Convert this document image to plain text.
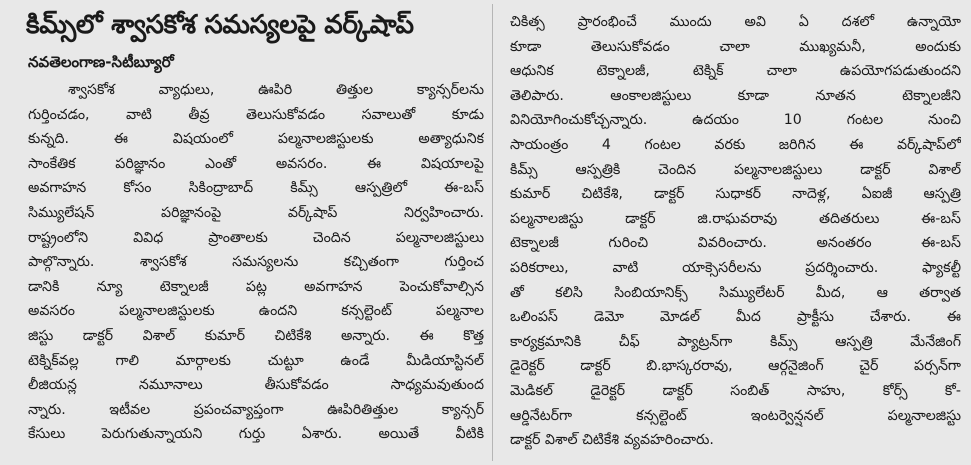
కిమ్స్‌లో శ్వాసకోశ సమస్యలపై వర్క్‌షాప్
నవతెలంగాణ-సిటీబ్యూరో
శ్వాసకోశ వ్యాధులు, ఊపిరి తిత్తుల క్యాన్సర్‌లను
గుర్తించడం, వాటి తీవ్ర తెలుసుకోవడం సవాలుతో కూడు
కున్నది. ఈ విషయంలో పల్మనాలజిస్టులకు అత్యాధునిక
సాంకేతిక పరిజ్ఞానం ఎంతో అవసరం. ఈ విషయాలపై
అవగాహన కోసం సికింద్రాబాద్ కిమ్స్ ఆస్పత్రిలో ఈ-బస్
సిమ్యులేషన్ పరిజ్ఞానంపై వర్క్‌షాప్ నిర్వహించారు.
రాష్ట్రంలోని వివిధ ప్రాంతాలకు చెందిన పల్మనాలజిస్టులు
పాల్గొన్నారు. శ్వాసకోశ సమస్యలను కచ్చితంగా గుర్తించ
డానికి న్యూ టెక్నాలజీ పట్ల అవగాహన పెంచుకోవాల్సిన
అవసరం పల్మనాలజిస్టులకు ఉందని కన్సల్టెంట్ పల్మనాల
జిస్టు డాక్టర్ విశాల్ కుమార్ చిటికేశి అన్నారు. ఈ కొత్త
టెక్నిక్‌వల్ల గాలి మార్గాలకు చుట్టూ ఉండే మీడియాస్టినల్
లీజియన్ల నమూనాలు తీసుకోవడం సాధ్యమవుతుంద
న్నారు. ఇటీవల ప్రపంచవ్యాప్తంగా ఊపిరితిత్తుల క్యాన్సర్
కేసులు పెరుగుతున్నాయని గుర్తు ఏశారు. అయితే వీటికి
చికిత్స ప్రారంభించే ముందు అవి ఏ దశలో ఉన్నాయో
కూడా తెలుసుకోవడం చాలా ముఖ్యమనీ, అందుకు
ఆధునిక టెక్నాలజీ, టెక్నిక్ చాలా ఉపయోగపడుతుందని
తెలిపారు. ఆంకాలజిస్టులు కూడా నూతన టెక్నాలజీని
వినియోగించుకోచ్చన్నారు. ఉదయం 10 గంటల నుంచి
సాయంత్రం 4 గంటల వరకు జరిగిన ఈ వర్క్‌షాప్‌లో
కిమ్స్ ఆస్పత్రికి చెందిన పల్మనాలజిస్టులు డాక్టర్ విశాల్
కుమార్ చిటికేశి, డాక్టర్ సుధాకర్ నాదెళ్ల, ఏఐజీ ఆస్పత్రి
పల్మనాలజిస్టు డాక్టర్ జి.రాఘవరావు తదితరులు ఈ-బస్
టెక్నాలజీ గురించి వివరించారు. అనంతరం ఈ-బస్
పరికరాలు, వాటి యాక్సెసరీలను ప్రదర్శించారు. ఫ్యాకల్టీ
తో కలిసి సింబియానిక్స్ సిమ్యులేటర్ మీద, ఆ తర్వాత
ఒలింపస్ డెమో మోడల్ మీద ప్రాక్టీసు చేశారు. ఈ
కార్యక్రమానికి చీఫ్ ప్యాట్రన్‌గా కిమ్స్ ఆస్పత్రి మేనేజింగ్
డైరెక్టర్ డాక్టర్ బి.భాస్కరరావు, ఆర్గనైజింగ్ చైర్ పర్సన్‌గా
మెడికల్ డైరెక్టర్ డాక్టర్ సంబిత్ సాహు, కోర్స్ కో-
ఆర్డినేటర్‌గా కన్సల్టెంట్ ఇంటర్వెన్షనల్ పల్మనాలజిస్టు
డాక్టర్ విశాల్ చిటికేశి వ్యవహరించారు.
